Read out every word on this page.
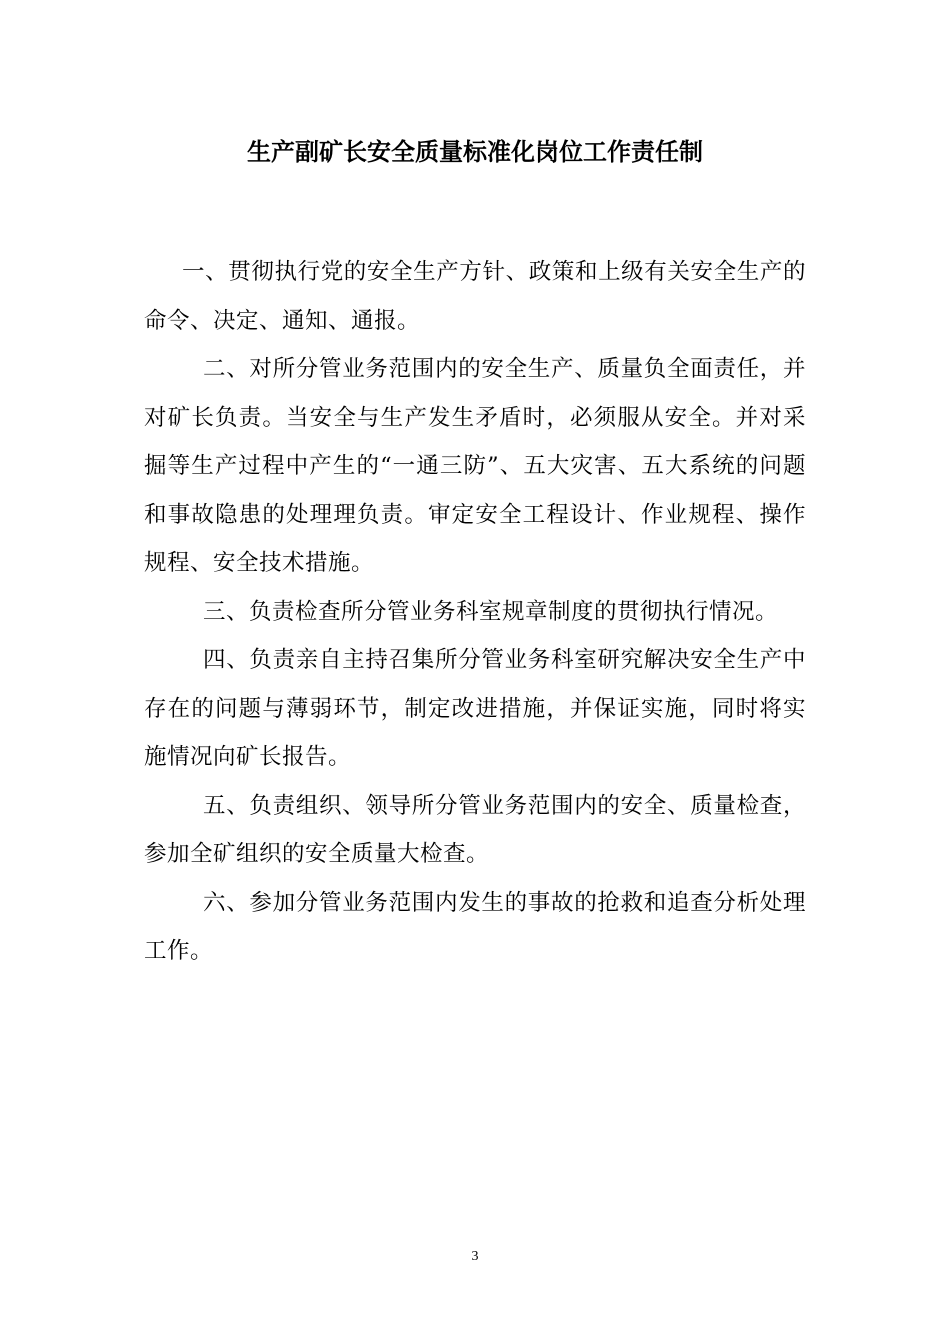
生产副矿长安全质量标准化岗位工作责任制

一、贯彻执行党的安全生产方针、政策和上级有关安全生产的命令、决定、通知、通报。

二、对所分管业务范围内的安全生产、质量负全面责任，并对矿长负责。当安全与生产发生矛盾时，必须服从安全。并对采掘等生产过程中产生的“一通三防”、五大灾害、五大系统的问题和事故隐患的处理理负责。审定安全工程设计、作业规程、操作规程、安全技术措施。

三、负责检查所分管业务科室规章制度的贯彻执行情况。

四、负责亲自主持召集所分管业务科室研究解决安全生产中存在的问题与薄弱环节，制定改进措施，并保证实施，同时将实施情况向矿长报告。

五、负责组织、领导所分管业务范围内的安全、质量检查，参加全矿组织的安全质量大检查。

六、参加分管业务范围内发生的事故的抢救和追查分析处理工作。

3
